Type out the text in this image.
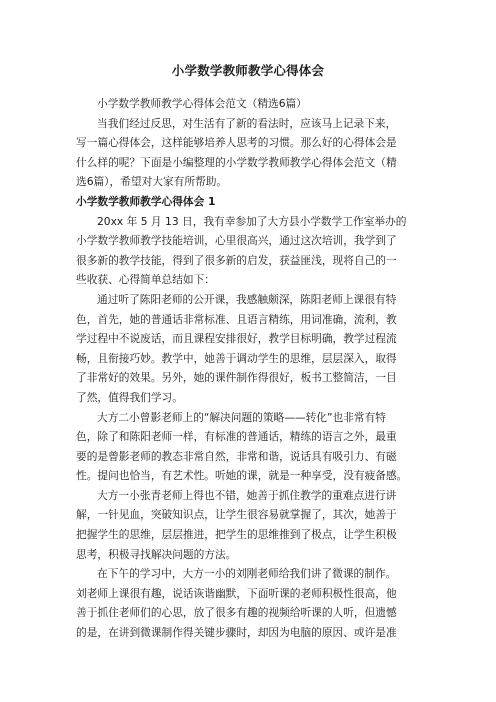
小学数学教师教学心得体会
小学数学教师教学心得体会范文（精选6篇）
当我们经过反思，对生活有了新的看法时，应该马上记录下来，
写一篇心得体会，这样能够培养人思考的习惯。那么好的心得体会是
什么样的呢？下面是小编整理的小学数学教师教学心得体会范文（精
选6篇），希望对大家有所帮助。
小学数学教师教学心得体会 1
20xx 年 5 月 13 日，我有幸参加了大方县小学数学工作室举办的
小学数学教师教学技能培训，心里很高兴，通过这次培训，我学到了
很多新的教学技能，得到了很多新的启发，获益匪浅，现将自己的一
些收获、心得简单总结如下：
通过听了陈阳老师的公开课，我感触颇深，陈阳老师上课很有特
色，首先，她的普通话非常标准、且语言精练，用词准确，流利，教
学过程中不说废话，而且课程安排很好，教学目标明确，教学过程流
畅，且衔接巧妙。教学中，她善于调动学生的思维，层层深入，取得
了非常好的效果。另外，她的课件制作得很好，板书工整简洁，一目
了然，值得我们学习。
大方二小曾影老师上的“解决问题的策略——转化”也非常有特
色，除了和陈阳老师一样，有标准的普通话，精练的语言之外，最重
要的是曾影老师的教态非常自然，非常和谐，说话具有吸引力、有磁
性。提问也恰当，有艺术性。听她的课，就是一种享受，没有疲备感。
大方一小张青老师上得也不错，她善于抓住教学的重难点进行讲
解，一针见血，突破知识点，让学生很容易就掌握了，其次，她善于
把握学生的思维，层层推进，把学生的思维推到了极点，让学生积极
思考，积极寻找解决问题的方法。
在下午的学习中，大方一小的刘刚老师给我们讲了微课的制作。
刘老师上课很有趣，说话诙谐幽默，下面听课的老师积极性很高，他
善于抓住老师们的心思，放了很多有趣的视频给听课的人听，但遗憾
的是，在讲到微课制作得关键步骤时，却因为电脑的原因、或许是准
